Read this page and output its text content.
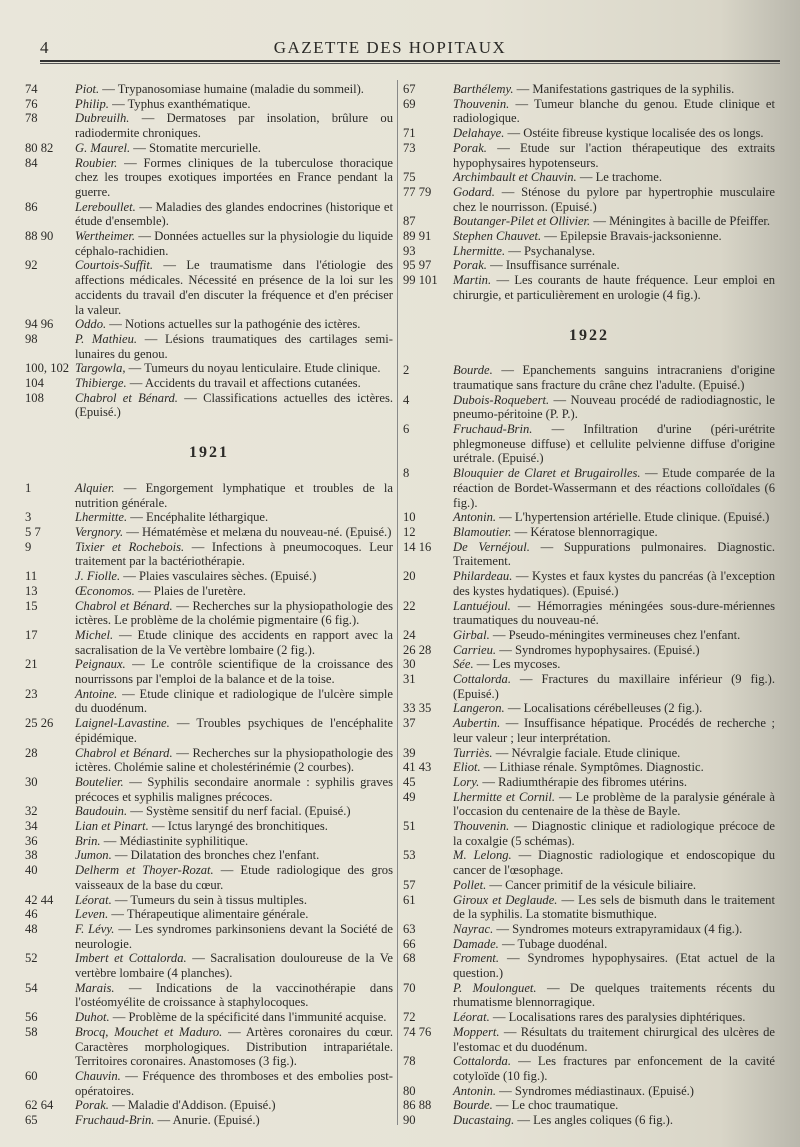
4	GAZETTE DES HOPITAUX
74	Piot. — Trypanosomiase humaine (maladie du sommeil).
76	Philip. — Typhus exanthématique.
78	Dubreuilh. — Dermatoses par insolation, brûlure ou radiodermite chroniques.
80 82	G. Maurel. — Stomatite mercurielle.
84	Roubier. — Formes cliniques de la tuberculose thoracique chez les troupes exotiques importées en France pendant la guerre.
86	Lereboullet. — Maladies des glandes endocrines (historique et étude d'ensemble).
88 90	Wertheimer. — Données actuelles sur la physiologie du liquide céphalo-rachidien.
92	Courtois-Suffit. — Le traumatisme dans l'étiologie des affections médicales. Nécessité en présence de la loi sur les accidents du travail d'en discuter la fréquence et d'en préciser la valeur.
94 96	Oddo. — Notions actuelles sur la pathogénie des ictères.
98	P. Mathieu. — Lésions traumatiques des cartilages semi-lunaires du genou.
100, 102 Targowla, — Tumeurs du noyau lenticulaire. Etude clinique.
104	Thibierge. — Accidents du travail et affections cutanées.
108	Chabrol et Bénard. — Classifications actuelles des ictères. (Epuisé.)
1921
1	Alquier. — Engorgement lymphatique et troubles de la nutrition générale.
3	Lhermitte. — Encéphalite léthargique.
5 7	Vergnory. — Hématémèse et melæna du nouveau-né. (Epuisé.)
9	Tixier et Rochebois. — Infections à pneumocoques. Leur traitement par la bactériothérapie.
11	J. Fiolle. — Plaies vasculaires sèches. (Epuisé.)
13	Œconomos. — Plaies de l'uretère.
15	Chabrol et Bénard. — Recherches sur la physiopathologie des ictères. Le problème de la cholémie pigmentaire (6 fig.).
17	Michel. — Etude clinique des accidents en rapport avec la sacralisation de la Ve vertèbre lombaire (2 fig.).
21	Peignaux. — Le contrôle scientifique de la croissance des nourrissons par l'emploi de la balance et de la toise.
23	Antoine. — Etude clinique et radiologique de l'ulcère simple du duodénum.
25 26	Laignel-Lavastine. — Troubles psychiques de l'encéphalite épidémique.
28	Chabrol et Bénard. — Recherches sur la physiopathologie des ictères. Cholémie saline et cholestérinémie (2 courbes).
30	Boutelier. — Syphilis secondaire anormale : syphilis graves précoces et syphilis malignes précoces.
32	Baudouin. — Système sensitif du nerf facial. (Epuisé.)
34	Lian et Pinart. — Ictus laryngé des bronchitiques.
36	Brin. — Médiastinite syphilitique.
38	Jumon. — Dilatation des bronches chez l'enfant.
40	Delherm et Thoyer-Rozat. — Etude radiologique des gros vaisseaux de la base du cœur.
42 44	Léorat. — Tumeurs du sein à tissus multiples.
46	Leven. — Thérapeutique alimentaire générale.
48	F. Lévy. — Les syndromes parkinsoniens devant la Société de neurologie.
52	Imbert et Cottalorda. — Sacralisation douloureuse de la Ve vertèbre lombaire (4 planches).
54	Marais. — Indications de la vaccinothérapie dans l'ostéomyélite de croissance à staphylocoques.
56	Duhot. — Problème de la spécificité dans l'immunité acquise.
58	Brocq, Mouchet et Maduro. — Artères coronaires du cœur. Caractères morphologiques. Distribution intrapariétale. Territoires coronaires. Anastomoses (3 fig.).
60	Chauvin. — Fréquence des thromboses et des embolies post-opératoires.
62 64	Porak. — Maladie d'Addison. (Epuisé.)
65	Fruchaud-Brin. — Anurie. (Epuisé.)
67	Barthélemy. — Manifestations gastriques de la syphilis.
69	Thouvenin. — Tumeur blanche du genou. Etude clinique et radiologique.
71	Delahaye. — Ostéite fibreuse kystique localisée des os longs.
73	Porak. — Etude sur l'action thérapeutique des extraits hypophysaires hypotenseurs.
75	Archimbault et Chauvin. — Le trachome.
77 79	Godard. — Sténose du pylore par hypertrophie musculaire chez le nourrisson. (Epuisé.)
87	Boutanger-Pilet et Ollivier. — Méningites à bacille de Pfeiffer.
89 91	Stephen Chauvet. — Epilepsie Bravais-jacksonienne.
93	Lhermitte. — Psychanalyse.
95 97	Porak. — Insuffisance surrénale.
99 101	Martin. — Les courants de haute fréquence. Leur emploi en chirurgie, et particulièrement en urologie (4 fig.).
1922
2	Bourde. — Epanchements sanguins intracraniens d'origine traumatique sans fracture du crâne chez l'adulte. (Epuisé.)
4	Dubois-Roquebert. — Nouveau procédé de radiodiagnostic, le pneumo-péritoine (P. P.).
6	Fruchaud-Brin. — Infiltration d'urine (péri-urétrite phlegmoneuse diffuse) et cellulite pelvienne diffuse d'origine urétrale. (Epuisé.)
8	Blouquier de Claret et Brugairolles. — Etude comparée de la réaction de Bordet-Wassermann et des réactions colloïdales (6 fig.).
10	Antonin. — L'hypertension artérielle. Etude clinique. (Epuisé.)
12	Blamoutier. — Kératose blennorragique.
14 16	De Vernéjoul. — Suppurations pulmonaires. Diagnostic. Traitement.
20	Philardeau. — Kystes et faux kystes du pancréas (à l'exception des kystes hydatiques). (Epuisé.)
22	Lantuéjoul. — Hémorragies méningées sous-dure-mériennes traumatiques du nouveau-né.
24	Girbal. — Pseudo-méningites vermineuses chez l'enfant.
26 28	Carrieu. — Syndromes hypophysaires. (Epuisé.)
30	Sée. — Les mycoses.
31	Cottalorda. — Fractures du maxillaire inférieur (9 fig.). (Epuisé.)
33 35	Langeron. — Localisations cérébelleuses (2 fig.).
37	Aubertin. — Insuffisance hépatique. Procédés de recherche ; leur valeur ; leur interprétation.
39	Turriès. — Névralgie faciale. Etude clinique.
41 43	Eliot. — Lithiase rénale. Symptômes. Diagnostic.
45	Lory. — Radiumthérapie des fibromes utérins.
49	Lhermitte et Cornil. — Le problème de la paralysie générale à l'occasion du centenaire de la thèse de Bayle.
51	Thouvenin. — Diagnostic clinique et radiologique précoce de la coxalgie (5 schémas).
53	M. Lelong. — Diagnostic radiologique et endoscopique du cancer de l'œsophage.
57	Pollet. — Cancer primitif de la vésicule biliaire.
61	Giroux et Deglaude. — Les sels de bismuth dans le traitement de la syphilis. La stomatite bismuthique.
63	Nayrac. — Syndromes moteurs extrapyramidaux (4 fig.).
66	Damade. — Tubage duodénal.
68	Froment. — Syndromes hypophysaires. (Etat actuel de la question.)
70	P. Moulonguet. — De quelques traitements récents du rhumatisme blennorragique.
72	Léorat. — Localisations rares des paralysies diphtériques.
74 76	Moppert. — Résultats du traitement chirurgical des ulcères de l'estomac et du duodénum.
78	Cottalorda. — Les fractures par enfoncement de la cavité cotyloïde (10 fig.).
80	Antonin. — Syndromes médiastinaux. (Epuisé.)
86 88	Bourde. — Le choc traumatique.
90	Ducastaing. — Les angles coliques (6 fig.).
